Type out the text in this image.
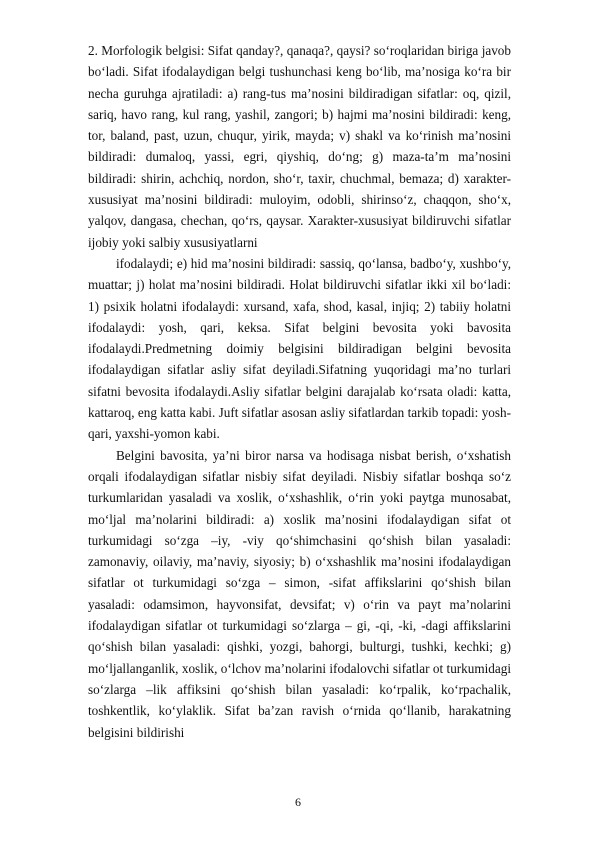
2. Morfologik belgisi: Sifat qanday?, qanaqa?, qaysi? so‘roqlaridan biriga javob bo‘ladi. Sifat ifodalaydigan belgi tushunchasi keng bo‘lib, ma’nosiga ko‘ra bir necha guruhga ajratiladi: a) rang-tus ma’nosini bildiradigan sifatlar: oq, qizil, sariq, havo rang, kul rang, yashil, zangori; b) hajmi ma’nosini bildiradi: keng, tor, baland, past, uzun, chuqur, yirik, mayda; v) shakl va ko‘rinish ma’nosini bildiradi: dumaloq, yassi, egri, qiyshiq, do‘ng; g) maza-ta’m ma’nosini bildiradi: shirin, achchiq, nordon, sho‘r, taxir, chuchmal, bemaza; d) xarakter-xususiyat ma’nosini bildiradi: muloyim, odobli, shirinso‘z, chaqqon, sho‘x, yalqov, dangasa, chechan, qo‘rs, qaysar. Xarakter-xususiyat bildiruvchi sifatlar ijobiy yoki salbiy xususiyatlarni

ifodalaydi; e) hid ma’nosini bildiradi: sassiq, qo‘lansa, badbo‘y, xushbo‘y, muattar; j) holat ma’nosini bildiradi. Holat bildiruvchi sifatlar ikki xil bo‘ladi: 1) psixik holatni ifodalaydi: xursand, xafa, shod, kasal, injiq; 2) tabiiy holatni ifodalaydi: yosh, qari, keksa. Sifat belgini bevosita yoki bavosita ifodalaydi.Predmetning doimiy belgisini bildiradigan belgini bevosita ifodalaydigan sifatlar asliy sifat deyiladi.Sifatning yuqoridagi ma’no turlari sifatni bevosita ifodalaydi.Asliy sifatlar belgini darajalab ko‘rsata oladi: katta, kattaroq, eng katta kabi. Juft sifatlar asosan asliy sifatlardan tarkib topadi: yosh-qari, yaxshi-yomon kabi.

Belgini bavosita, ya’ni biror narsa va hodisaga nisbat berish, o‘xshatish orqali ifodalaydigan sifatlar nisbiy sifat deyiladi. Nisbiy sifatlar boshqa so‘z turkumlaridan yasaladi va xoslik, o‘xshashlik, o‘rin yoki paytga munosabat, mo‘ljal ma’nolarini bildiradi: a) xoslik ma’nosini ifodalaydigan sifat ot turkumidagi so‘zga –iy, -viy qo‘shimchasini qo‘shish bilan yasaladi: zamonaviy, oilaviy, ma’naviy, siyosiy; b) o‘xshashlik ma’nosini ifodalaydigan sifatlar ot turkumidagi so‘zga – simon, -sifat affikslarini qo‘shish bilan yasaladi: odamsimon, hayvonsifat, devsifat; v) o‘rin va payt ma’nolarini ifodalaydigan sifatlar ot turkumidagi so‘zlarga – gi, -qi, -ki, -dagi affikslarini qo‘shish bilan yasaladi: qishki, yozgi, bahorgi, bulturgi, tushki, kechki; g) mo‘ljallanganlik, xoslik, o‘lchov ma’nolarini ifodalovchi sifatlar ot turkumidagi so‘zlarga –lik affiksini qo‘shish bilan yasaladi: ko‘rpalik, ko‘rpachalik, toshkentlik, ko‘ylaklik. Sifat ba’zan ravish o‘rnida qo‘llanib, harakatning belgisini bildirishi

6
